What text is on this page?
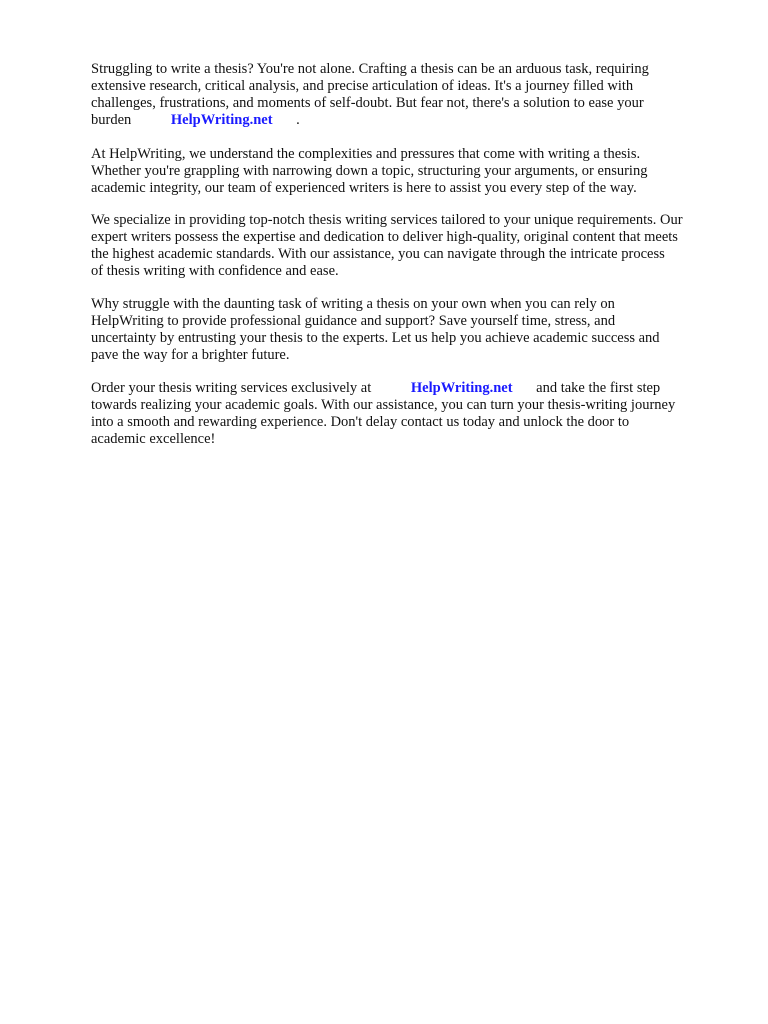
Struggling to write a thesis? You're not alone. Crafting a thesis can be an arduous task, requiring
extensive research, critical analysis, and precise articulation of ideas. It's a journey filled with
challenges, frustrations, and moments of self-doubt. But fear not, there's a solution to ease your
burden	HelpWriting.net .

At HelpWriting, we understand the complexities and pressures that come with writing a thesis.
Whether you're grappling with narrowing down a topic, structuring your arguments, or ensuring
academic integrity, our team of experienced writers is here to assist you every step of the way.

We specialize in providing top-notch thesis writing services tailored to your unique requirements. Our
expert writers possess the expertise and dedication to deliver high-quality, original content that meets
the highest academic standards. With our assistance, you can navigate through the intricate process
of thesis writing with confidence and ease.

Why struggle with the daunting task of writing a thesis on your own when you can rely on
HelpWriting to provide professional guidance and support? Save yourself time, stress, and
uncertainty by entrusting your thesis to the experts. Let us help you achieve academic success and
pave the way for a brighter future.

Order your thesis writing services exclusively at	HelpWriting.net and take the first step
towards realizing your academic goals. With our assistance, you can turn your thesis-writing journey
into a smooth and rewarding experience. Don't delay contact us today and unlock the door to
academic excellence!
